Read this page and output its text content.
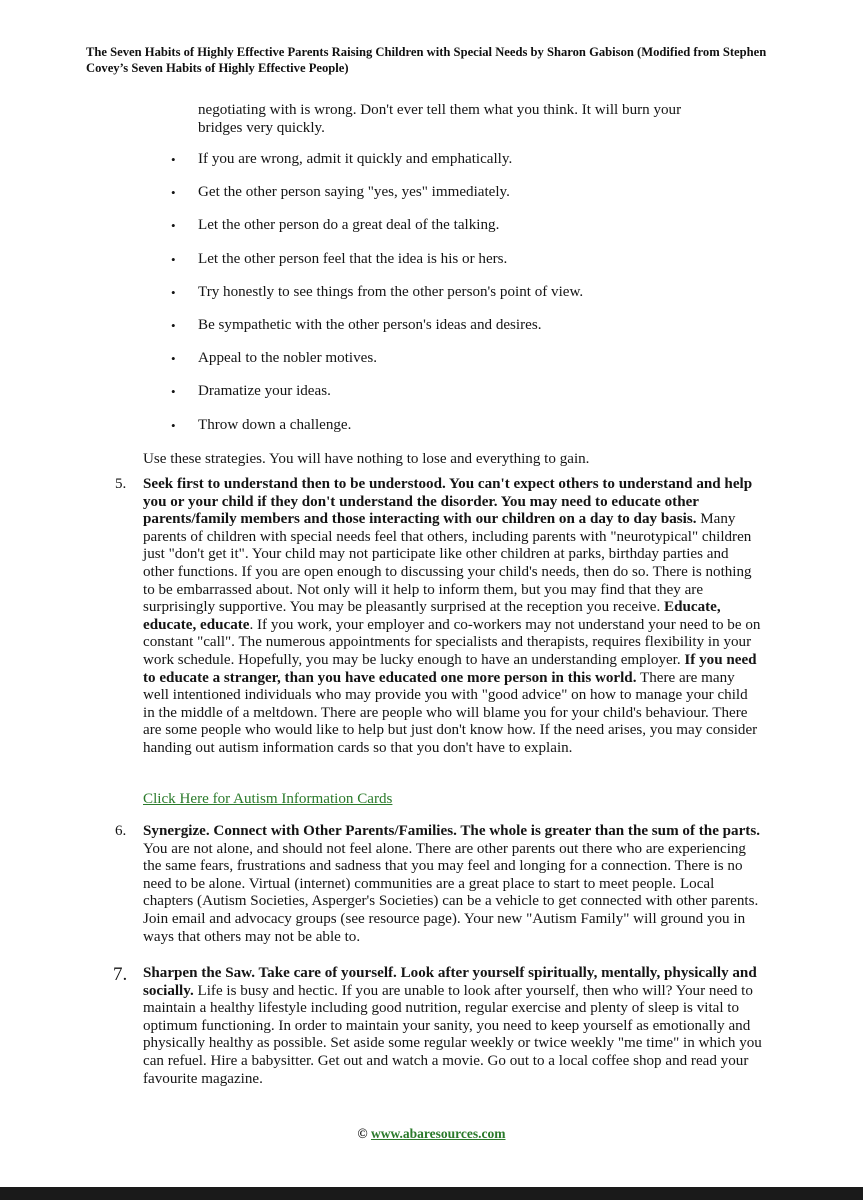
The Seven Habits of Highly Effective Parents Raising Children with Special Needs by Sharon Gabison (Modified from Stephen Covey’s Seven Habits of Highly Effective People)
negotiating with is wrong. Don't ever tell them what you think. It will burn your
bridges very quickly.
• If you are wrong, admit it quickly and emphatically.
• Get the other person saying "yes, yes" immediately.
• Let the other person do a great deal of the talking.
• Let the other person feel that the idea is his or hers.
• Try honestly to see things from the other person's point of view.
• Be sympathetic with the other person's ideas and desires.
• Appeal to the nobler motives.
• Dramatize your ideas.
• Throw down a challenge.
Use these strategies. You will have nothing to lose and everything to gain.
5. Seek first to understand then to be understood. You can't expect others to understand and help you or your child if they don't understand the disorder. You may need to educate other parents/family members and those interacting with our children on a day to day basis. Many parents of children with special needs feel that others, including parents with "neurotypical" children just "don't get it". Your child may not participate like other children at parks, birthday parties and other functions. If you are open enough to discussing your child's needs, then do so. There is nothing to be embarrassed about. Not only will it help to inform them, but you may find that they are surprisingly supportive. You may be pleasantly surprised at the reception you receive. Educate, educate, educate. If you work, your employer and co-workers may not understand your need to be on constant "call". The numerous appointments for specialists and therapists, requires flexibility in your work schedule. Hopefully, you may be lucky enough to have an understanding employer. If you need to educate a stranger, than you have educated one more person in this world. There are many well intentioned individuals who may provide you with "good advice" on how to manage your child in the middle of a meltdown. There are people who will blame you for your child's behaviour. There are some people who would like to help but just don't know how. If the need arises, you may consider handing out autism information cards so that you don't have to explain.
Click Here for Autism Information Cards
6. Synergize. Connect with Other Parents/Families. The whole is greater than the sum of the parts. You are not alone, and should not feel alone. There are other parents out there who are experiencing the same fears, frustrations and sadness that you may feel and longing for a connection. There is no need to be alone. Virtual (internet) communities are a great place to start to meet people. Local chapters (Autism Societies, Asperger's Societies) can be a vehicle to get connected with other parents. Join email and advocacy groups (see resource page). Your new "Autism Family" will ground you in ways that others may not be able to.
7. Sharpen the Saw. Take care of yourself. Look after yourself spiritually, mentally, physically and socially. Life is busy and hectic. If you are unable to look after yourself, then who will? Your need to maintain a healthy lifestyle including good nutrition, regular exercise and plenty of sleep is vital to optimum functioning. In order to maintain your sanity, you need to keep yourself as emotionally and physically healthy as possible. Set aside some regular weekly or twice weekly "me time" in which you can refuel. Hire a babysitter. Get out and watch a movie. Go out to a local coffee shop and read your favourite magazine.
© www.abaresources.com
